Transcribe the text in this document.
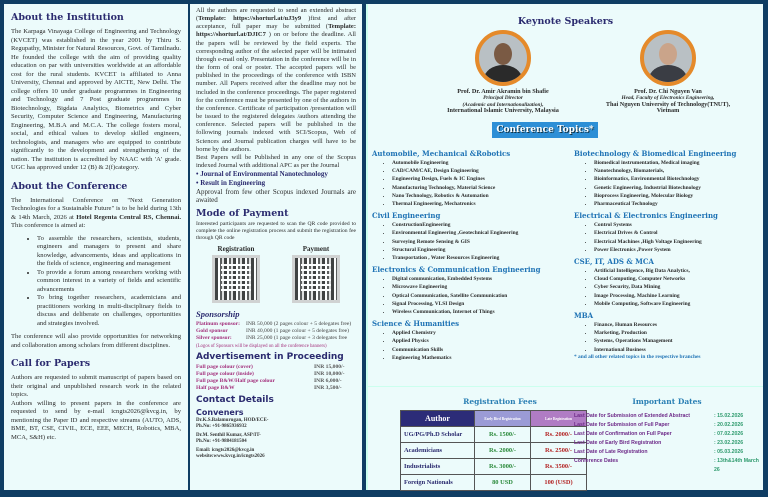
About the Institution

The Karpaga Vinayaga College of Engineering and Technology (KVCET) was established in the year 2001 by Thiru S. Regupathy, Minister for Natural Resources, Govt. of Tamilnadu. He founded the college with the aim of providing quality education on par with universities worldwide at an affordable cost for the rural students. KVCET is affiliated to Anna University, Chennai and approved by AICTE, New Delhi. The college offers 10 under graduate programmes in Engineering and Technology and 7 Post graduate programmes in Biotechnology, Bigdata Analytics, Biometrics and Cyber Security, Computer Science and Engineering, Manufacturing Engineering, M.B.A and M.C.A. The college fosters moral, social, and ethical values to develop skilled engineers, technologists, and managers who are equipped to contribute significantly to the development and strengthening of the nation. The institution is accredited by NAAC with 'A' grade. UGC has approved under 12 (B) & 2(f)category.

About the Conference

The International Conference on "Next Generation Technologies for a Sustainable Future" is to be held during 13th & 14th March, 2026 at Hotel Regenta Central RS, Chennai. This conference is aimed at:

• To assemble the researchers, scientists, students, engineers and managers to present and share knowledge, advancements, ideas and applications in the fields of science, engineering and management
• To provide a forum among researchers working with common interest in a variety of fields and scientific advancements
• To bring together researchers, academicians and practitioners working in multi-disciplinary fields to discuss and deliberate on challenges, opportunities and strategies involved.

The conference will also provide opportunities for networking and collaboration among scholars from different disciplines.

Call for Papers

Authors are requested to submit manuscript of papers based on their original and unpublished research work in the related topics.

Authors willing to present papers in the conference are requested to send by e-mail icngts2026@kvcg.in, by mentioning the Paper ID and respective streams (AUTO, ADS, BME, BT, CSE, CIVIL, ECE, EEE, MECH, Robotics, MBA, MCA, S&H) etc.

All the authors are requested to send an extended abstract (Template: https://shorturl.at/uJ3y9 )first and after acceptance, full paper may be submitted (Template: https://shorturl.at/DJIC7 ) on or before the deadline. All the papers will be reviewed by the field experts. The corresponding author of the selected paper will be intimated through e-mail only. Presentation in the conference will be in the form of oral or poster. The accepted papers will be published in the proceedings of the conference with ISBN number. All Papers received after the deadline may not be included in the conference proceedings. The paper registered for the conference must be presented by one of the authors in the conference. Certificate of participation /presentation will be issued to the registered delegates /authors attending the conference. Selected papers will be published in the following journals indexed with SCI/Scopus, Web of Sciences and Journal publication charges will have to be borne by the authors.

Best Papers will be Published in any one of the Scopus indexed Journal with additional APC as per the Journal

• Journal of Environmental Nanotechnology
• Result in Engineering

Approval from few other Scopus indexed Journals are awaited

Mode of Payment

Interested participants are requested to scan the QR code provided to complete the online registration process and submit the registration fee through QR code

Registration	Payment
Sponsorship
Platinum sponsor:	INR 50,000 (2 pages colour + 5 delegates free)
Gold sponsor	INR 40,000 (1 page colour + 5 delegates free)
Silver sponsor:	INR 25,000 (1 page colour + 3 delegates free
(Logos of Sponsors will be displayed on all the conference banners)
Advertisement in Proceeding
Full page colour (cover)	INR 15,000/-
Full page colour (inside)	INR 10,000/-
Full page B&W/Half page colour	INR 6,000/-
Half page B&W	INR 3,500/-
Contact Details
Conveners
Dr.K.S.Balamurugan, HOD/ECE-
Ph.No: +91-9865936932
Dr.M. Senthil Kumar, ASP/IT-
Ph.No: +91-9884181504
Email: icngts2026@kvcg.in
website:www.kvcg.in/icngts2026
Keynote Speakers
Prof. Dr. Amir Akramin bin Shafie
Principal Director
(Academic and Internationalization),
International Islamic University, Malaysia
Prof. Dr. Chi Nguyen Van
Head, Faculty of Electronics Engineering,
Thai Nguyen University of Technology(TNUT),
Vietnam
Conference Topics*
Automobile, Mechanical &Robotics
• Automobile Engineering
• CAD/CAM/CAE, Design Engineering
• Engineering Design, Fuels & IC Engines
• Manufacturing Technology, Material Science
• Nano Technology, Robotics & Automation
• Thermal Engineering, Mechatronics
Civil Engineering
• ConstructionEngineering
• Environmental Engineering ,Geotechnical Engineering
• Surveying Remote Sensing & GIS
• Structural Engineering
• Transportation , Water Resources Engineering
Electronics & Communication Engineering
• Digital communication, Embedded Systems
• Microwave Engineering
• Optical Communication, Satellite Communication
• Signal Processing, VLSI Design
• Wireless Communication, Internet of Things
Science & Humanities
• Applied Chemistry
• Applied Physics
• Communication Skills
• Engineering Mathematics
Biotechnology & Biomedical Engineering
• Biomedical instrumentation, Medical imaging
• Nanotechnology, Biomaterials,
• Bioinformatics, Environmental Biotechnology
• Genetic Engineering, Industrial Biotechnology
• Bioprocess Engineering, Molecular Biology
• Pharmaceutical Technology
Electrical & Electronics Engineering
• Control Systems
• Electrical Drives & Control
• Electrical Machines ,High Voltage Engineering
• Power Electronics ,Power System
CSE, IT, ADS & MCA
• Artificial Intelligence, Big Data Analytics,
• Cloud Computing, Computer Networks
• Cyber Security, Data Mining
• Image Processing, Machine Learning
• Mobile Computing, Software Engineering
MBA
• Finance, Human Resources
• Marketing, Production
• Systems, Operations Management
• International Business
* and all other related topics in the respective branches
Registration Fees
Author	Early Bird Registration	Late Registration
UG/PG/Ph.D Scholar	Rs. 1500/-	Rs. 2000/-
Academicians	Rs. 2000/-	Rs. 2500/-
Industrialists	Rs. 3000/-	Rs. 3500/-
Foreign Nationals	80 USD	100 (USD)
Important Dates
Last Date for Submission of Extended Abstract	: 15.02.2026
Last Date for Submission of Full Paper	: 20.02.2026
Last Date of Confirmation on Full Paper	: 07.02.2026
Last Date of Early Bird Registration	: 23.02.2026
Last Date of Late Registration	: 05.03.2026
Conference Dates	: 13th&14th March 26
